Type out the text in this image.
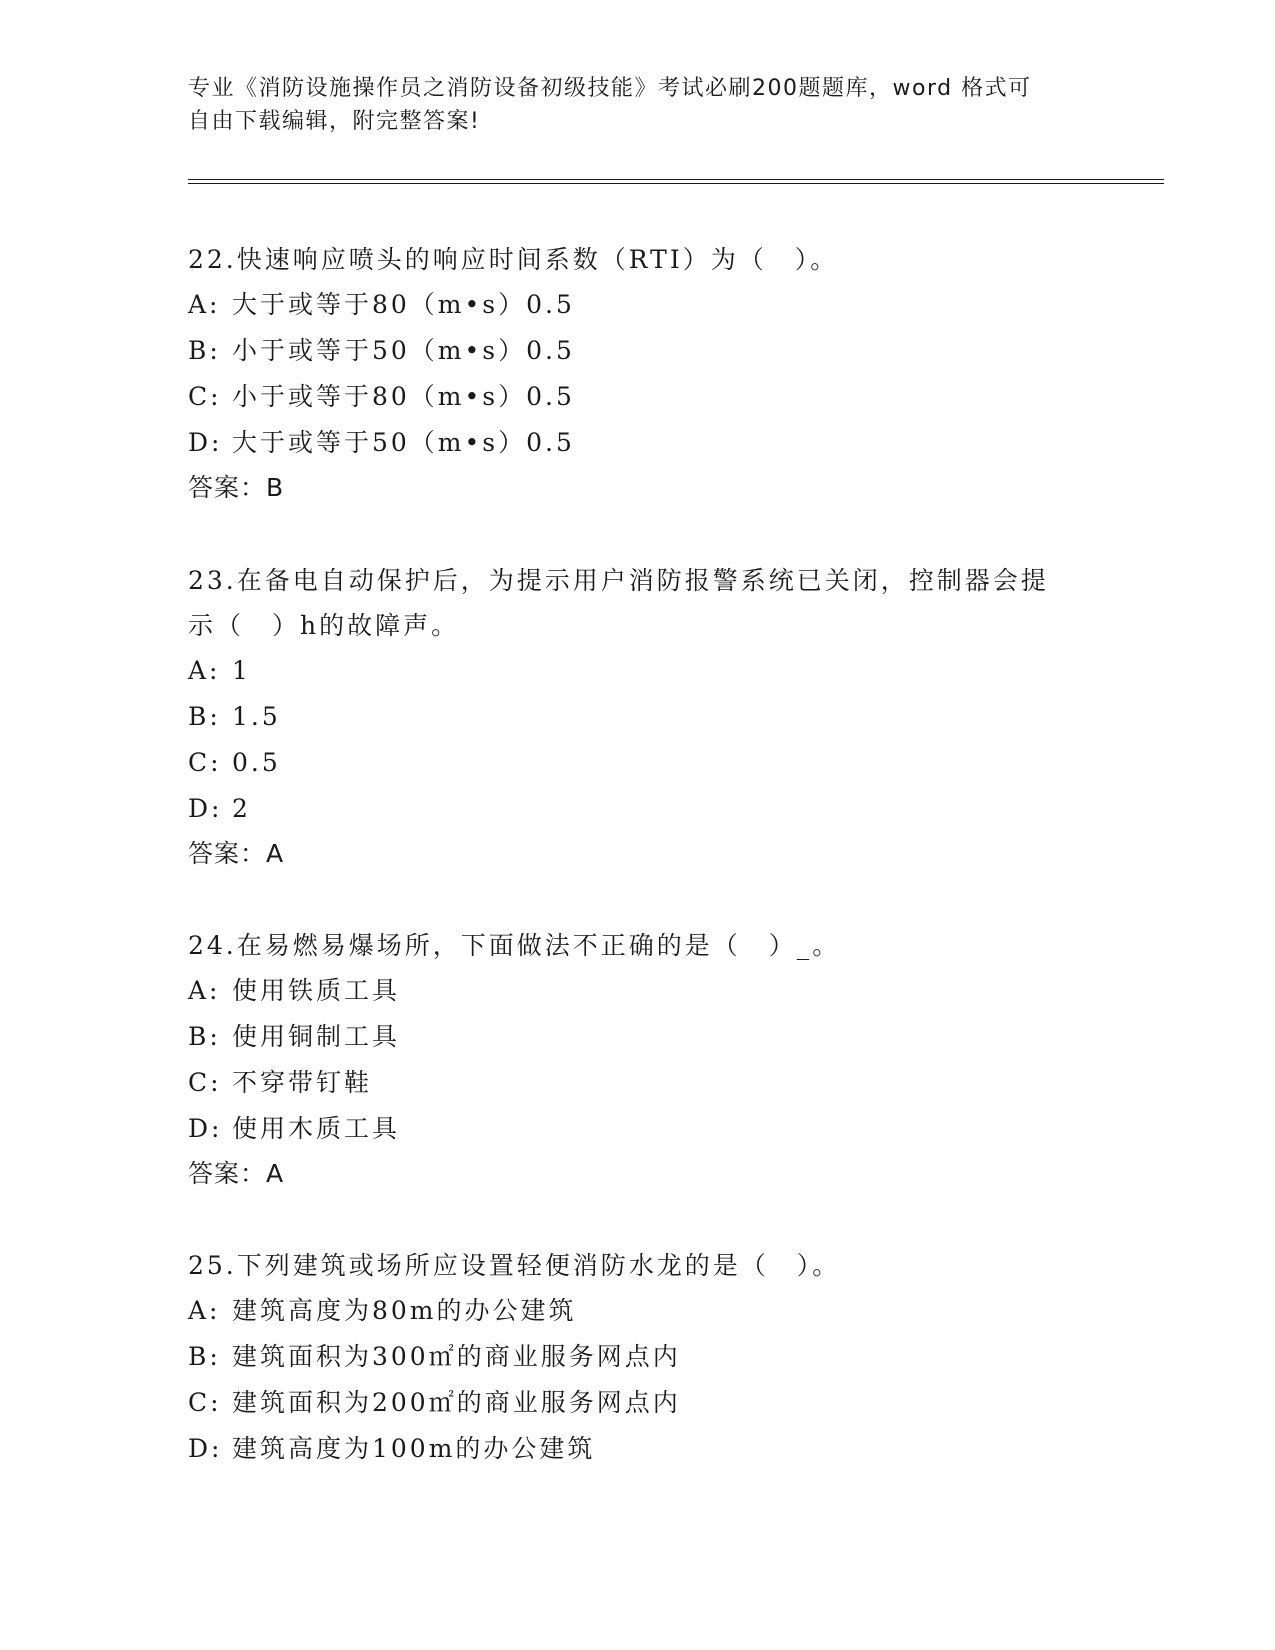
专业《消防设施操作员之消防设备初级技能》考试必刷200题题库，word 格式可
自由下载编辑，附完整答案!
22.快速响应喷头的响应时间系数（RTI）为（　）。
A: 大于或等于80（m•s）0.5
B: 小于或等于50（m•s）0.5
C: 小于或等于80（m•s）0.5
D: 大于或等于50（m•s）0.5
答案：B
23.在备电自动保护后，为提示用户消防报警系统已关闭，控制器会提
示（　）h的故障声。
A: 1
B: 1.5
C: 0.5
D: 2
答案：A
24.在易燃易爆场所，下面做法不正确的是（　）_。
A: 使用铁质工具
B: 使用铜制工具
C: 不穿带钉鞋
D: 使用木质工具
答案：A
25.下列建筑或场所应设置轻便消防水龙的是（　）。
A: 建筑高度为80m的办公建筑
B: 建筑面积为300㎡的商业服务网点内
C: 建筑面积为200㎡的商业服务网点内
D: 建筑高度为100m的办公建筑
